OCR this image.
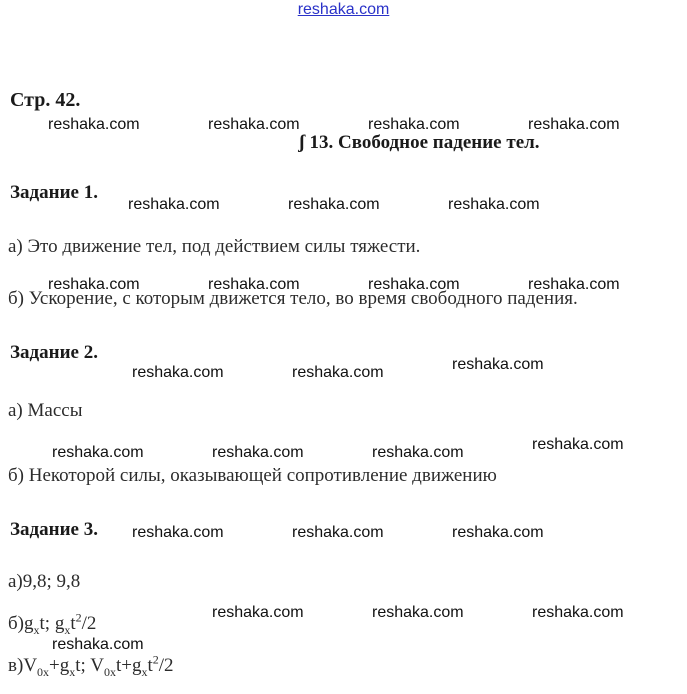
reshaka.com
Стр. 42.
ʃ 13. Свободное падение тел.
Задание 1.
а) Это движение тел, под действием силы тяжести.
б) Ускорение, с которым движется тело, во время свободного падения.
Задание 2.
а) Массы
б) Некоторой силы, оказывающей сопротивление движению
Задание 3.
а)9,8; 9,8
$б)g_xt$; $g_xt^2/2$
$в)V_{0x}+g_xt$; $V_{0x}t+g_xt^2/2$
reshaka.com	reshaka.com	reshaka.com	reshaka.com
reshaka.com	reshaka.com	reshaka.com
reshaka.com	reshaka.com	reshaka.com	reshaka.com
reshaka.com
reshaka.com	reshaka.com
reshaka.com
reshaka.com	reshaka.com	reshaka.com
reshaka.com	reshaka.com	reshaka.com
reshaka.com	reshaka.com	reshaka.com
reshaka.com
